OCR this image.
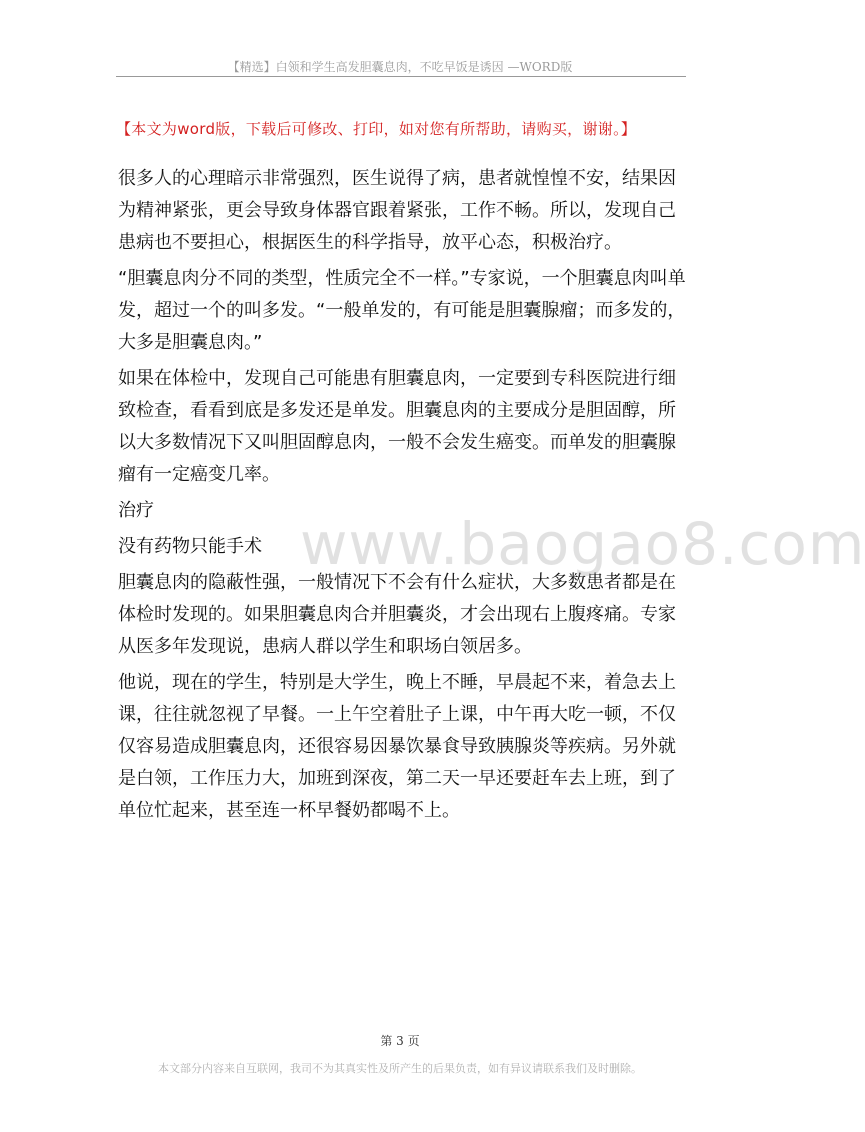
【精选】白领和学生高发胆囊息肉，不吃早饭是诱因 —WORD版
【本文为word版，下载后可修改、打印，如对您有所帮助，请购买，谢谢。】

很多人的心理暗示非常强烈，医生说得了病，患者就惶惶不安，结果因为精神紧张，更会导致身体器官跟着紧张，工作不畅。所以，发现自己患病也不要担心，根据医生的科学指导，放平心态，积极治疗。

“胆囊息肉分不同的类型，性质完全不一样。”专家说，一个胆囊息肉叫单发，超过一个的叫多发。“一般单发的，有可能是胆囊腺瘤；而多发的，大多是胆囊息肉。”

如果在体检中，发现自己可能患有胆囊息肉，一定要到专科医院进行细致检查，看看到底是多发还是单发。胆囊息肉的主要成分是胆固醇，所以大多数情况下又叫胆固醇息肉，一般不会发生癌变。而单发的胆囊腺瘤有一定癌变几率。

治疗

没有药物只能手术

胆囊息肉的隐蔽性强，一般情况下不会有什么症状，大多数患者都是在体检时发现的。如果胆囊息肉合并胆囊炎，才会出现右上腹疼痛。专家从医多年发现说，患病人群以学生和职场白领居多。

他说，现在的学生，特别是大学生，晚上不睡，早晨起不来，着急去上课，往往就忽视了早餐。一上午空着肚子上课，中午再大吃一顿，不仅仅容易造成胆囊息肉，还很容易因暴饮暴食导致胰腺炎等疾病。另外就是白领，工作压力大，加班到深夜，第二天一早还要赶车去上班，到了单位忙起来，甚至连一杯早餐奶都喝不上。

www.baogao8.com
第 3 页
本文部分内容来自互联网，我司不为其真实性及所产生的后果负责，如有异议请联系我们及时删除。
